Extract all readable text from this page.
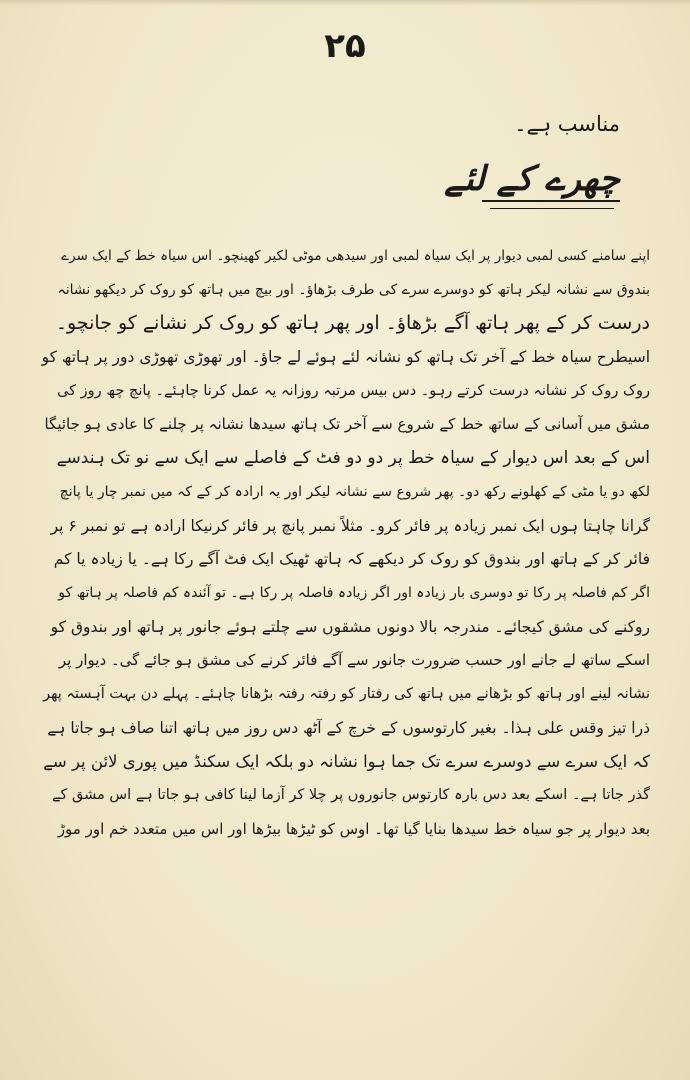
۲۵
مناسب ہے۔
چھرے کے لئے
اپنے سامنے کسی لمبی دیوار پر ایک سیاہ لمبی اور سیدھی موٹی لکیر کھینچو۔ اس سیاہ خط کے ایک سرے
بندوق سے نشانہ لیکر ہاتھ کو دوسرے سرے کی طرف بڑھاؤ۔ اور بیچ میں ہاتھ کو روک کر دیکھو نشانہ
درست کر کے پھر ہاتھ آگے بڑھاؤ۔ اور پھر ہاتھ کو روک کر نشانے کو جانچو۔
اسیطرح سیاہ خط کے آخر تک ہاتھ کو نشانہ لئے ہوئے لے جاؤ۔ اور تھوڑی تھوڑی دور پر ہاتھ کو
روک روک کر نشانہ درست کرتے رہو۔ دس بیس مرتبہ روزانہ یہ عمل کرنا چاہئے۔ پانچ چھ روز کی
مشق میں آسانی کے ساتھ خط کے شروع سے آخر تک ہاتھ سیدھا نشانہ پر چلنے کا عادی ہو جائیگا
اس کے بعد اس دیوار کے سیاہ خط پر دو دو فٹ کے فاصلے سے ایک سے نو تک ہندسے
لکھ دو یا مٹی کے کھلونے رکھ دو۔ پھر شروع سے نشانہ لیکر اور یہ ارادہ کر کے کہ میں نمبر چار یا پانچ
گرانا چاہتا ہوں ایک نمبر زیادہ پر فائر کرو۔ مثلاً نمبر پانچ پر فائر کرنیکا ارادہ ہے تو نمبر ۶ پر
فائر کر کے ہاتھ اور بندوق کو روک کر دیکھے کہ ہاتھ ٹھیک ایک فٹ آگے رکا ہے۔ یا زیادہ یا کم
اگر کم فاصلہ پر رکا تو دوسری بار زیادہ اور اگر زیادہ فاصلہ پر رکا ہے۔ تو آئندہ کم فاصلہ پر ہاتھ کو
روکنے کی مشق کیجائے۔ مندرجہ بالا دونوں مشقوں سے چلتے ہوئے جانور پر ہاتھ اور بندوق کو
اسکے ساتھ لے جانے اور حسب ضرورت جانور سے آگے فائر کرنے کی مشق ہو جائے گی۔ دیوار پر
نشانہ لینے اور ہاتھ کو بڑھانے میں ہاتھ کی رفتار کو رفتہ رفتہ بڑھانا چاہئے۔ پہلے دن بہت آہستہ پھر
ذرا تیز وقس علی ہذا۔ بغیر کارتوسوں کے خرچ کے آٹھ دس روز میں ہاتھ اتنا صاف ہو جاتا ہے
کہ ایک سرے سے دوسرے سرے تک جما ہوا نشانہ دو بلکہ ایک سکنڈ میں پوری لائن پر سے
گذر جاتا ہے۔ اسکے بعد دس بارہ کارتوس جانوروں پر چلا کر آزما لینا کافی ہو جاتا ہے اس مشق کے
بعد دیوار پر جو سیاہ خط سیدھا بنایا گیا تھا۔ اوس کو ٹیڑھا بیڑھا اور اس میں متعدد خم اور موڑ
